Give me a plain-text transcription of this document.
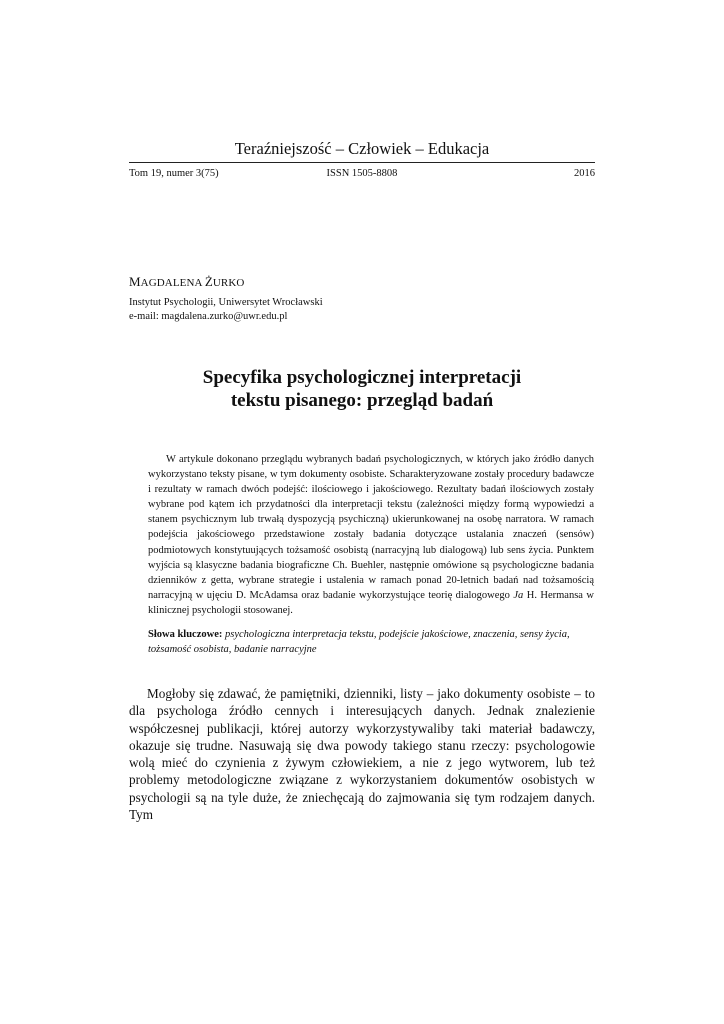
Teraźniejszość – Człowiek – Edukacja
Tom 19, numer 3(75)	ISSN 1505-8808	2016
MAGDALENA ŻURKO
Instytut Psychologii, Uniwersytet Wrocławski
e-mail: magdalena.zurko@uwr.edu.pl
Specyfika psychologicznej interpretacji
tekstu pisanego: przegląd badań

W artykule dokonano przeglądu wybranych badań psychologicznych, w których jako źródło danych wykorzystano teksty pisane, w tym dokumenty osobiste. Scharakteryzowane zostały procedury badawcze i rezultaty w ramach dwóch podejść: ilościowego i jakościowego. Rezultaty badań ilościowych zostały wybrane pod kątem ich przydatności dla interpretacji tekstu (zależności między formą wypowiedzi a stanem psychicznym lub trwałą dyspozycją psychiczną) ukierunkowanej na osobę narratora. W ramach podejścia jakościowego przedstawione zostały badania dotyczące ustalania znaczeń (sensów) podmiotowych konstytuujących tożsamość osobistą (narracyjną lub dialogową) lub sens życia. Punktem wyjścia są klasyczne badania biograficzne Ch. Buehler, następnie omówione są psychologiczne badania dzienników z getta, wybrane strategie i ustalenia w ramach ponad 20-letnich badań nad tożsamością narracyjną w ujęciu D. McAdamsa oraz badanie wykorzystujące teorię dialogowego Ja H. Hermansa w klinicznej psychologii stosowanej.

Słowa kluczowe: psychologiczna interpretacja tekstu, podejście jakościowe, znaczenia, sensy życia, tożsamość osobista, badanie narracyjne

Mogłoby się zdawać, że pamiętniki, dzienniki, listy – jako dokumenty osobiste – to dla psychologa źródło cennych i interesujących danych. Jednak znalezienie współczesnej publikacji, której autorzy wykorzystywaliby taki materiał badawczy, okazuje się trudne. Nasuwają się dwa powody takiego stanu rzeczy: psychologowie wolą mieć do czynienia z żywym człowiekiem, a nie z jego wytworem, lub też problemy metodologiczne związane z wykorzystaniem dokumentów osobistych w psychologii są na tyle duże, że zniechęcają do zajmowania się tym rodzajem danych. Tym
